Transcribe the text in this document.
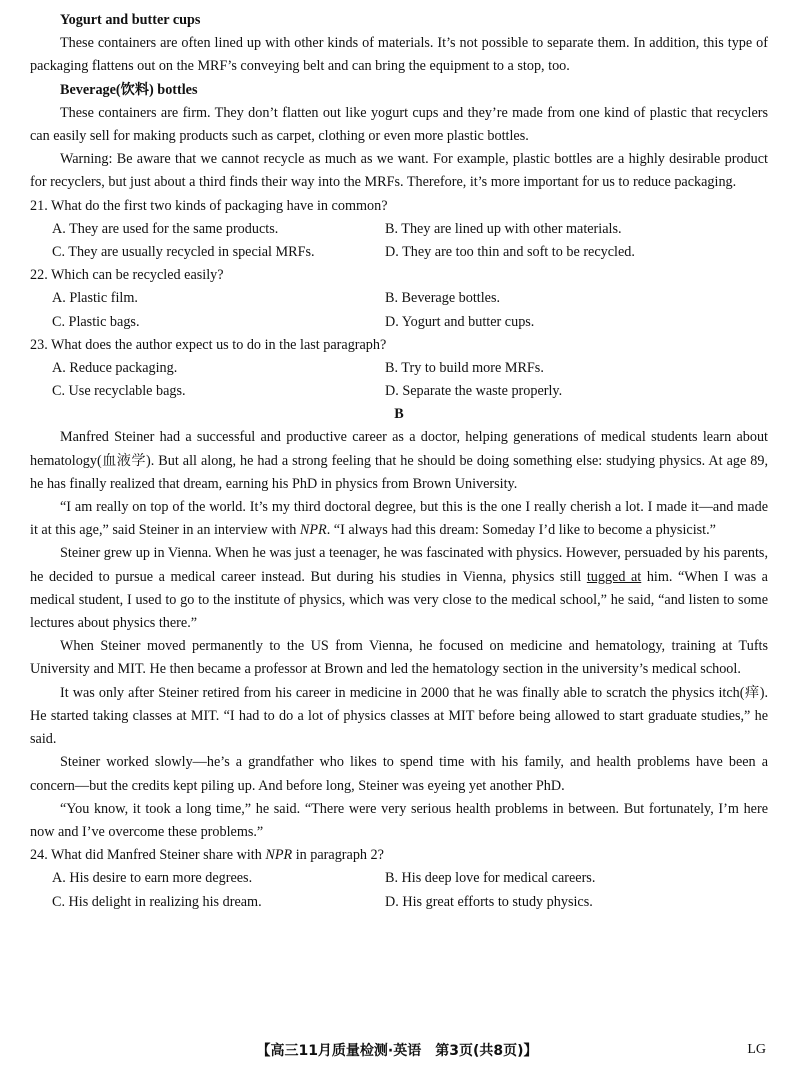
Yogurt and butter cups

These containers are often lined up with other kinds of materials. It’s not possible to separate them. In addition, this type of packaging flattens out on the MRF’s conveying belt and can bring the equipment to a stop, too.

Beverage(饮料) bottles

These containers are firm. They don’t flatten out like yogurt cups and they’re made from one kind of plastic that recyclers can easily sell for making products such as carpet, clothing or even more plastic bottles.

Warning: Be aware that we cannot recycle as much as we want. For example, plastic bottles are a highly desirable product for recyclers, but just about a third finds their way into the MRFs. Therefore, it’s more important for us to reduce packaging.

21. What do the first two kinds of packaging have in common?
A. They are used for the same products.	B. They are lined up with other materials.
C. They are usually recycled in special MRFs.	D. They are too thin and soft to be recycled.
22. Which can be recycled easily?
A. Plastic film.	B. Beverage bottles.
C. Plastic bags.	D. Yogurt and butter cups.
23. What does the author expect us to do in the last paragraph?
A. Reduce packaging.	B. Try to build more MRFs.
C. Use recyclable bags.	D. Separate the waste properly.
B

Manfred Steiner had a successful and productive career as a doctor, helping generations of medical students learn about hematology(血液学). But all along, he had a strong feeling that he should be doing something else: studying physics. At age 89, he has finally realized that dream, earning his PhD in physics from Brown University.

“I am really on top of the world. It’s my third doctoral degree, but this is the one I really cherish a lot. I made it—and made it at this age,” said Steiner in an interview with NPR. “I always had this dream: Someday I’d like to become a physicist.”

Steiner grew up in Vienna. When he was just a teenager, he was fascinated with physics. However, persuaded by his parents, he decided to pursue a medical career instead. But during his studies in Vienna, physics still tugged at him. “When I was a medical student, I used to go to the institute of physics, which was very close to the medical school,” he said, “and listen to some lectures about physics there.”

When Steiner moved permanently to the US from Vienna, he focused on medicine and hematology, training at Tufts University and MIT. He then became a professor at Brown and led the hematology section in the university’s medical school.

It was only after Steiner retired from his career in medicine in 2000 that he was finally able to scratch the physics itch(痒). He started taking classes at MIT. “I had to do a lot of physics classes at MIT before being allowed to start graduate studies,” he said.

Steiner worked slowly—he’s a grandfather who likes to spend time with his family, and health problems have been a concern—but the credits kept piling up. And before long, Steiner was eyeing yet another PhD.

“You know, it took a long time,” he said. “There were very serious health problems in between. But fortunately, I’m here now and I’ve overcome these problems.”

24. What did Manfred Steiner share with NPR in paragraph 2?
A. His desire to earn more degrees.	B. His deep love for medical careers.
C. His delight in realizing his dream.	D. His great efforts to study physics.
【高三11月质量检测·英语　第3页(共8页)】	LG
